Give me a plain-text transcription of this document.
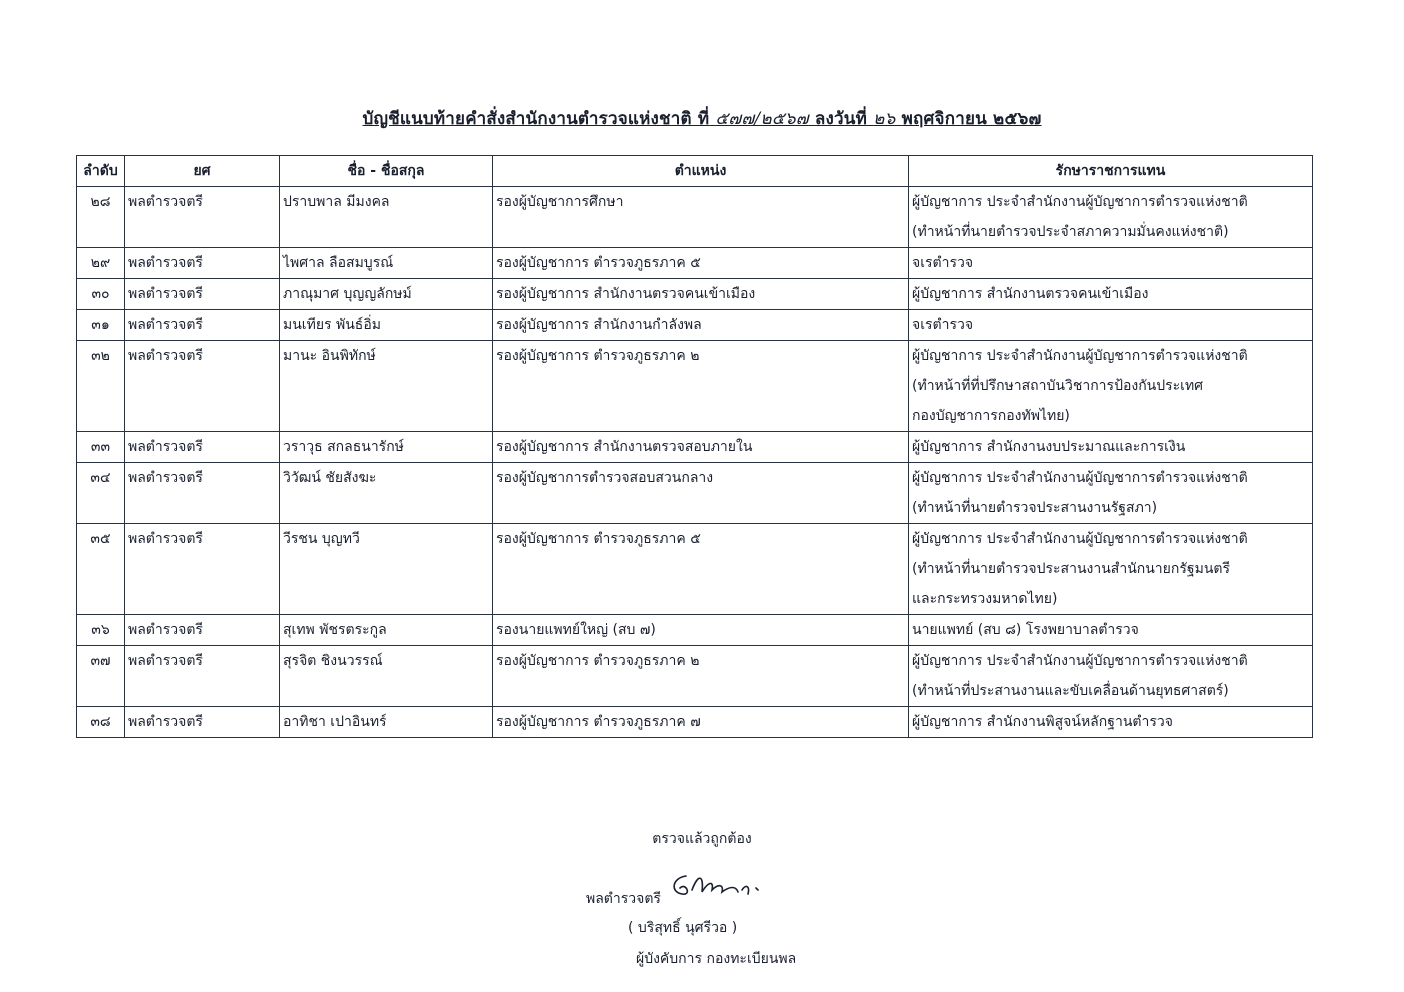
บัญชีแนบท้ายคำสั่งสำนักงานตำรวจแห่งชาติ ที่ ๕๗๗/๒๕๖๗ ลงวันที่ ๒๖ พฤศจิกายน ๒๕๖๗
ลำดับ	ยศ	ชื่อ - ชื่อสกุล	ตำแหน่ง	รักษาราชการแทน
๒๘	พลตำรวจตรี	ปราบพาล มีมงคล	รองผู้บัญชาการศึกษา	ผู้บัญชาการ ประจำสำนักงานผู้บัญชาการตำรวจแห่งชาติ
(ทำหน้าที่นายตำรวจประจำสภาความมั่นคงแห่งชาติ)

๒๙	พลตำรวจตรี	ไพศาล ลือสมบูรณ์	รองผู้บัญชาการ ตำรวจภูธรภาค ๕	จเรตำรวจ

๓๐	พลตำรวจตรี	ภาณุมาศ บุญญลักษม์	รองผู้บัญชาการ สำนักงานตรวจคนเข้าเมือง	ผู้บัญชาการ สำนักงานตรวจคนเข้าเมือง

๓๑	พลตำรวจตรี	มนเทียร พันธ์อิ่ม	รองผู้บัญชาการ สำนักงานกำลังพล	จเรตำรวจ

๓๒	พลตำรวจตรี	มานะ อินพิทักษ์	รองผู้บัญชาการ ตำรวจภูธรภาค ๒	ผู้บัญชาการ ประจำสำนักงานผู้บัญชาการตำรวจแห่งชาติ
(ทำหน้าที่ที่ปรึกษาสถาบันวิชาการป้องกันประเทศ
กองบัญชาการกองทัพไทย)

๓๓	พลตำรวจตรี	วราวุธ สกลธนารักษ์	รองผู้บัญชาการ สำนักงานตรวจสอบภายใน	ผู้บัญชาการ สำนักงานงบประมาณและการเงิน

๓๔	พลตำรวจตรี	วิวัฒน์ ชัยสังฆะ	รองผู้บัญชาการตำรวจสอบสวนกลาง	ผู้บัญชาการ ประจำสำนักงานผู้บัญชาการตำรวจแห่งชาติ
(ทำหน้าที่นายตำรวจประสานงานรัฐสภา)

๓๕	พลตำรวจตรี	วีรชน บุญทวี	รองผู้บัญชาการ ตำรวจภูธรภาค ๕	ผู้บัญชาการ ประจำสำนักงานผู้บัญชาการตำรวจแห่งชาติ
(ทำหน้าที่นายตำรวจประสานงานสำนักนายกรัฐมนตรี
และกระทรวงมหาดไทย)

๓๖	พลตำรวจตรี	สุเทพ พัชรตระกูล	รองนายแพทย์ใหญ่ (สบ ๗)	นายแพทย์ (สบ ๘) โรงพยาบาลตำรวจ

๓๗	พลตำรวจตรี	สุรจิต ชิงนวรรณ์	รองผู้บัญชาการ ตำรวจภูธรภาค ๒	ผู้บัญชาการ ประจำสำนักงานผู้บัญชาการตำรวจแห่งชาติ
(ทำหน้าที่ประสานงานและขับเคลื่อนด้านยุทธศาสตร์)

๓๘	พลตำรวจตรี	อาทิชา เปาอินทร์	รองผู้บัญชาการ ตำรวจภูธรภาค ๗	ผู้บัญชาการ สำนักงานพิสูจน์หลักฐานตำรวจ
ตรวจแล้วถูกต้อง
พลตำรวจตรี
( บริสุทธิ์ นุศรีวอ )
ผู้บังคับการ กองทะเบียนพล
